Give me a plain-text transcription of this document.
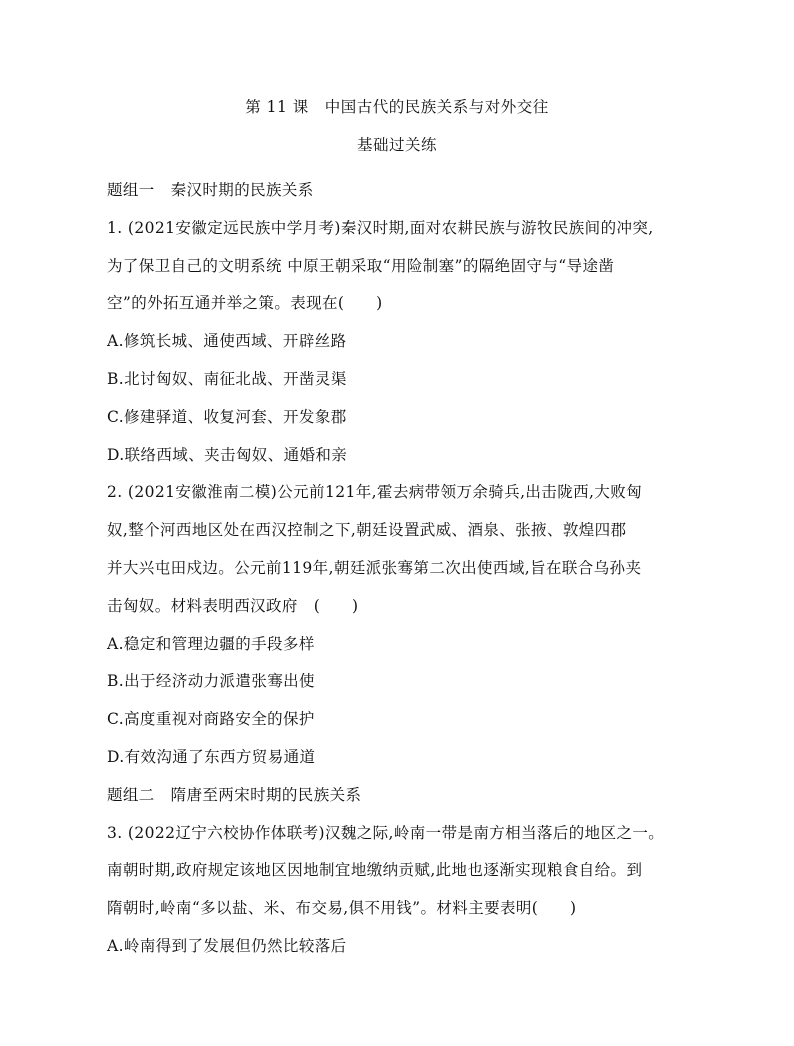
第 11 课　中国古代的民族关系与对外交往
基础过关练
题组一　秦汉时期的民族关系
1. (2021安徽定远民族中学月考)秦汉时期,面对农耕民族与游牧民族间的冲突,
为了保卫自己的文明系统 中原王朝采取“用险制塞”的隔绝固守与“导途凿
空”的外拓互通并举之策。表现在(　　)
A.修筑长城、通使西域、开辟丝路
B.北讨匈奴、南征北战、开凿灵渠
C.修建驿道、收复河套、开发象郡
D.联络西域、夹击匈奴、通婚和亲
2. (2021安徽淮南二模)公元前121年,霍去病带领万余骑兵,出击陇西,大败匈
奴,整个河西地区处在西汉控制之下,朝廷设置武威、酒泉、张掖、敦煌四郡
并大兴屯田戍边。公元前119年,朝廷派张骞第二次出使西域,旨在联合乌孙夹
击匈奴。材料表明西汉政府　(　　)
A.稳定和管理边疆的手段多样
B.出于经济动力派遣张骞出使
C.高度重视对商路安全的保护
D.有效沟通了东西方贸易通道
题组二　隋唐至两宋时期的民族关系
3. (2022辽宁六校协作体联考)汉魏之际,岭南一带是南方相当落后的地区之一。
南朝时期,政府规定该地区因地制宜地缴纳贡赋,此地也逐渐实现粮食自给。到
隋朝时,岭南“多以盐、米、布交易,俱不用钱”。材料主要表明(　　)
A.岭南得到了发展但仍然比较落后
